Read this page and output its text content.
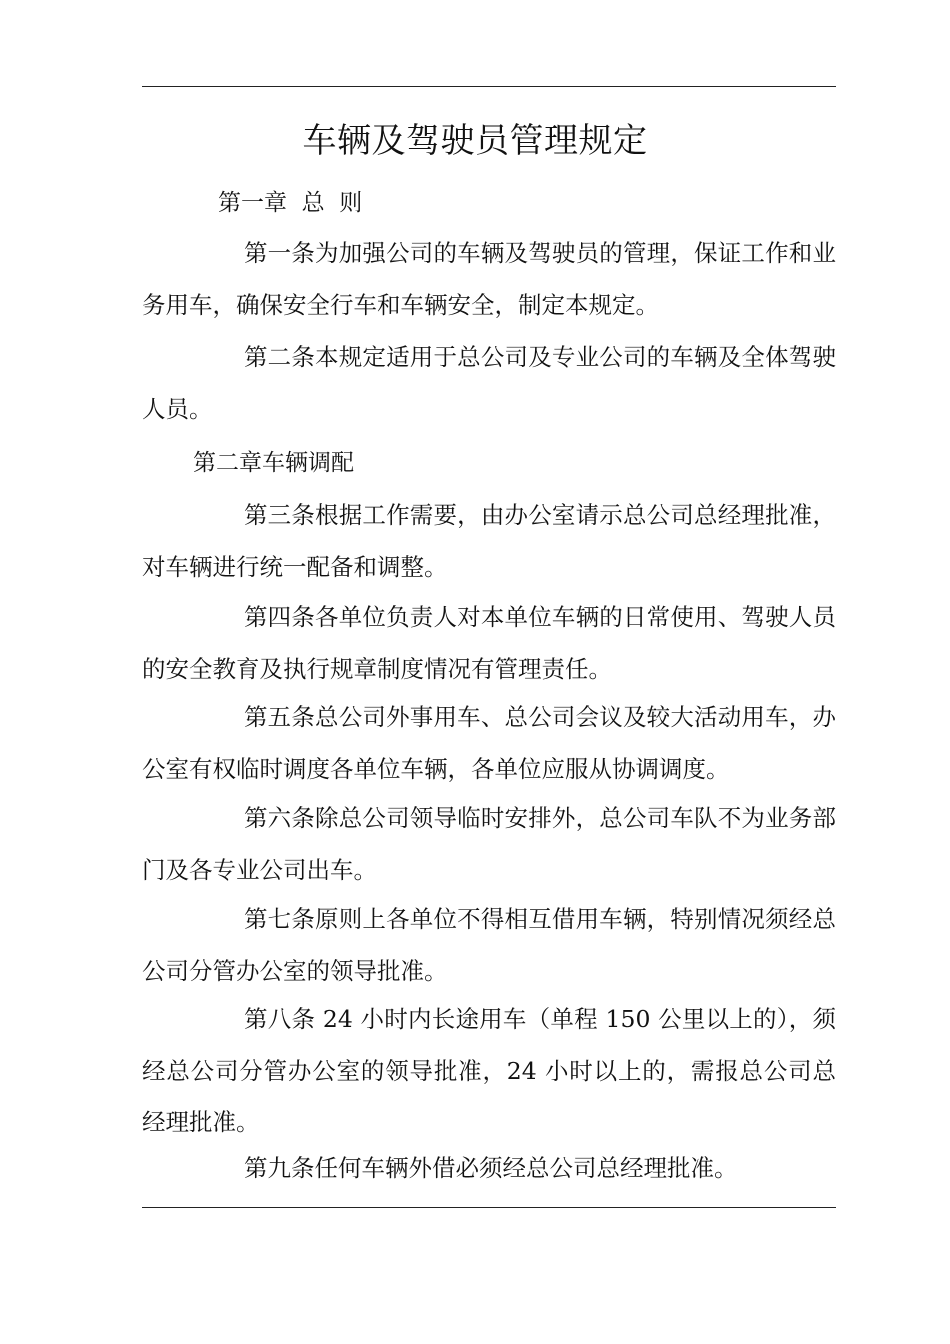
车辆及驾驶员管理规定
第一章  总  则

第一条为加强公司的车辆及驾驶员的管理，保证工作和业务用车，确保安全行车和车辆安全，制定本规定。

第二条本规定适用于总公司及专业公司的车辆及全体驾驶人员。

第二章车辆调配

第三条根据工作需要，由办公室请示总公司总经理批准，对车辆进行统一配备和调整。

第四条各单位负责人对本单位车辆的日常使用、驾驶人员的安全教育及执行规章制度情况有管理责任。

第五条总公司外事用车、总公司会议及较大活动用车，办公室有权临时调度各单位车辆，各单位应服从协调调度。

第六条除总公司领导临时安排外，总公司车队不为业务部门及各专业公司出车。

第七条原则上各单位不得相互借用车辆，特别情况须经总公司分管办公室的领导批准。

第八条 24 小时内长途用车（单程 150 公里以上的），须经总公司分管办公室的领导批准，24 小时以上的，需报总公司总经理批准。

第九条任何车辆外借必须经总公司总经理批准。
